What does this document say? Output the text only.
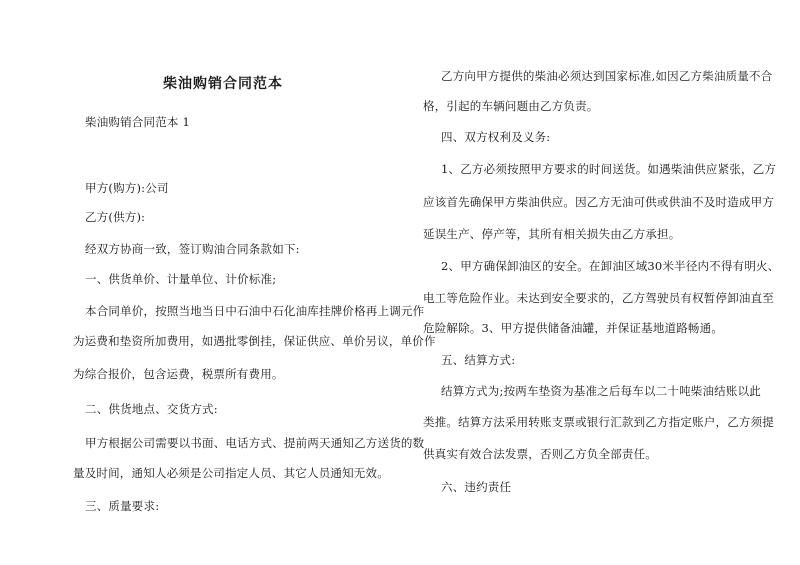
柴油购销合同范本
柴油购销合同范本 1
甲方(购方):公司
乙方(供方):
经双方协商一致，签订购油合同条款如下:
一、供货单价、计量单位、计价标准;
本合同单价，按照当地当日中石油中石化油库挂牌价格再上调元作
为运费和垫资所加费用，如遇批零倒挂，保证供应、单价另议，单价作
为综合报价，包含运费，税票所有费用。
二、供货地点、交货方式:
甲方根据公司需要以书面、电话方式、提前两天通知乙方送货的数
量及时间，通知人必须是公司指定人员、其它人员通知无效。
三、质量要求:
乙方向甲方提供的柴油必须达到国家标准,如因乙方柴油质量不合
格，引起的车辆问题由乙方负责。
四、双方权利及义务:
1、乙方必须按照甲方要求的时间送货。如遇柴油供应紧张，乙方
应该首先确保甲方柴油供应。因乙方无油可供或供油不及时造成甲方
延误生产、停产等，其所有相关损失由乙方承担。
2、甲方确保卸油区的安全。在卸油区域30米半径内不得有明火、
电工等危险作业。未达到安全要求的，乙方驾驶员有权暂停卸油直至
危险解除。3、甲方提供储备油罐，并保证基地道路畅通。
五、结算方式:
结算方式为;按两车垫资为基准之后每车以二十吨柴油结账以此
类推。结算方法采用转账支票或银行汇款到乙方指定账户，乙方须提
供真实有效合法发票，否则乙方负全部责任。
六、违约责任
